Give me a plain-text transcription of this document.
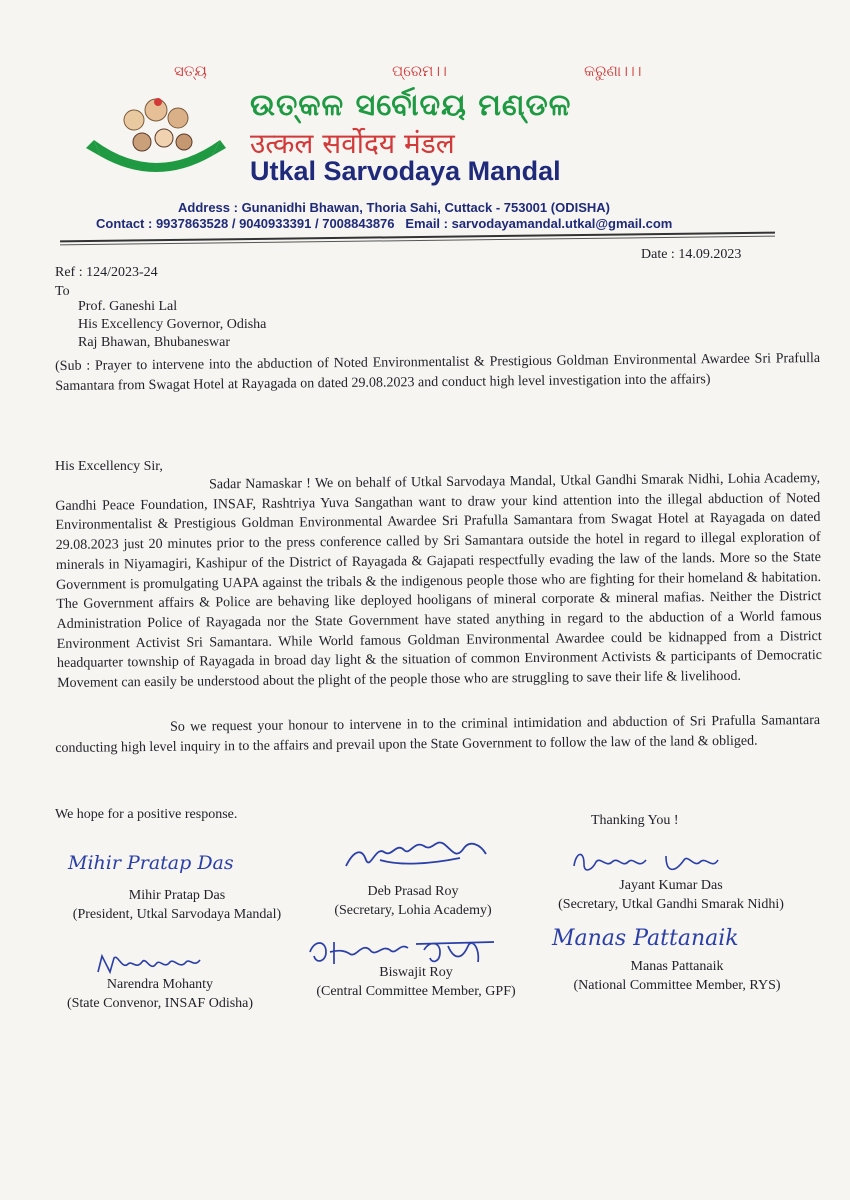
ସତ୍ୟ	ପ୍ରେମ।।	କରୁଣା।।।
ଉତ୍କଳ ସର୍ବୋଦୟ ମଣ୍ଡଳ
उत्कल सर्वोदय मंडल
Utkal Sarvodaya Mandal
Address : Gunanidhi Bhawan, Thoria Sahi, Cuttack - 753001 (ODISHA)
Contact : 9937863528 / 9040933391 / 7008843876 Email : sarvodayamandal.utkal@gmail.com
Date : 14.09.2023
Ref : 124/2023-24
To
Prof. Ganeshi Lal
His Excellency Governor, Odisha
Raj Bhawan, Bhubaneswar
(Sub : Prayer to intervene into the abduction of Noted Environmentalist & Prestigious Goldman Environmental Awardee Sri Prafulla Samantara from Swagat Hotel at Rayagada on dated 29.08.2023 and conduct high level investigation into the affairs)
His Excellency Sir,
Sadar Namaskar ! We on behalf of Utkal Sarvodaya Mandal, Utkal Gandhi Smarak Nidhi, Lohia Academy, Gandhi Peace Foundation, INSAF, Rashtriya Yuva Sangathan want to draw your kind attention into the illegal abduction of Noted Environmentalist & Prestigious Goldman Environmental Awardee Sri Prafulla Samantara from Swagat Hotel at Rayagada on dated 29.08.2023 just 20 minutes prior to the press conference called by Sri Samantara outside the hotel in regard to illegal exploration of minerals in Niyamagiri, Kashipur of the District of Rayagada & Gajapati respectfully evading the law of the lands. More so the State Government is promulgating UAPA against the tribals & the indigenous people those who are fighting for their homeland & habitation. The Government affairs & Police are behaving like deployed hooligans of mineral corporate & mineral mafias. Neither the District Administration Police of Rayagada nor the State Government have stated anything in regard to the abduction of a World famous Environment Activist Sri Samantara. While World famous Goldman Environmental Awardee could be kidnapped from a District headquarter township of Rayagada in broad day light & the situation of common Environment Activists & participants of Democratic Movement can easily be understood about the plight of the people those who are struggling to save their life & livelihood.
So we request your honour to intervene in to the criminal intimidation and abduction of Sri Prafulla Samantara conducting high level inquiry in to the affairs and prevail upon the State Government to follow the law of the land & obliged.
We hope for a positive response.	Thanking You !
Mihir Pratap Das
Mihir Pratap Das
(President, Utkal Sarvodaya Mandal)
Deb Prasad Roy
(Secretary, Lohia Academy)
Jayant Kumar Das
(Secretary, Utkal Gandhi Smarak Nidhi)
Manas Pattanaik
Narendra Mohanty
(State Convenor, INSAF Odisha)
Biswajit Roy
(Central Committee Member, GPF)
Manas Pattanaik
(National Committee Member, RYS)
